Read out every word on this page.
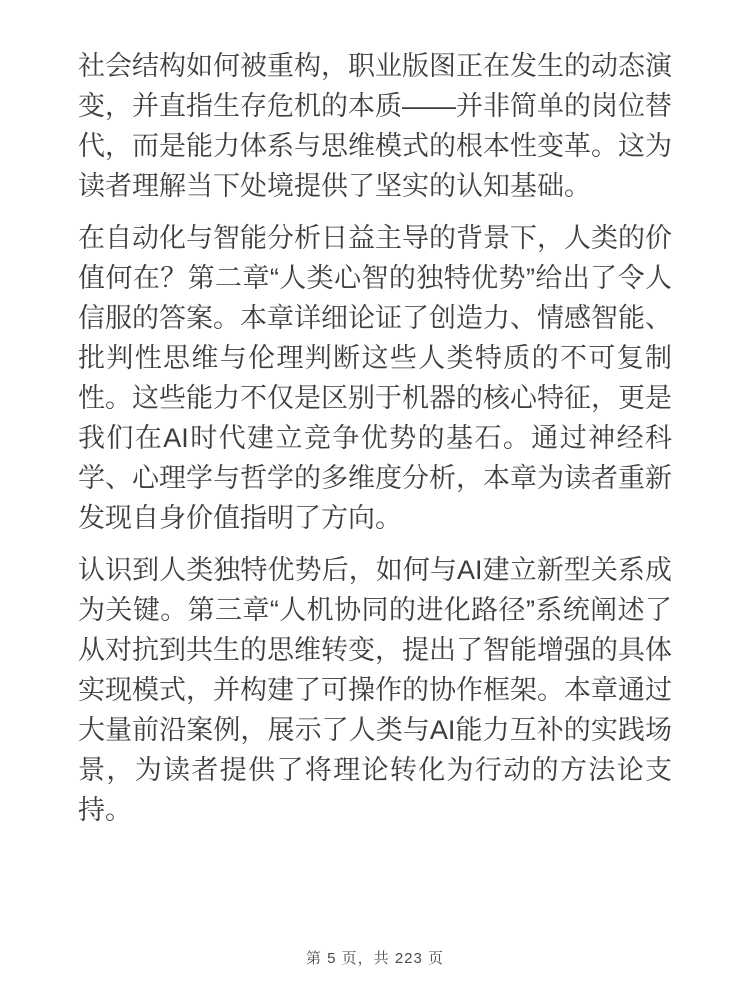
社会结构如何被重构，职业版图正在发生的动态演变，并直指生存危机的本质——并非简单的岗位替代，而是能力体系与思维模式的根本性变革。这为读者理解当下处境提供了坚实的认知基础。

在自动化与智能分析日益主导的背景下，人类的价值何在？第二章“人类心智的独特优势”给出了令人信服的答案。本章详细论证了创造力、情感智能、批判性思维与伦理判断这些人类特质的不可复制性。这些能力不仅是区别于机器的核心特征，更是我们在AI时代建立竞争优势的基石。通过神经科学、心理学与哲学的多维度分析，本章为读者重新发现自身价值指明了方向。

认识到人类独特优势后，如何与AI建立新型关系成为关键。第三章“人机协同的进化路径”系统阐述了从对抗到共生的思维转变，提出了智能增强的具体实现模式，并构建了可操作的协作框架。本章通过大量前沿案例，展示了人类与AI能力互补的实践场景，为读者提供了将理论转化为行动的方法论支持。

第 5 页，共 223 页
